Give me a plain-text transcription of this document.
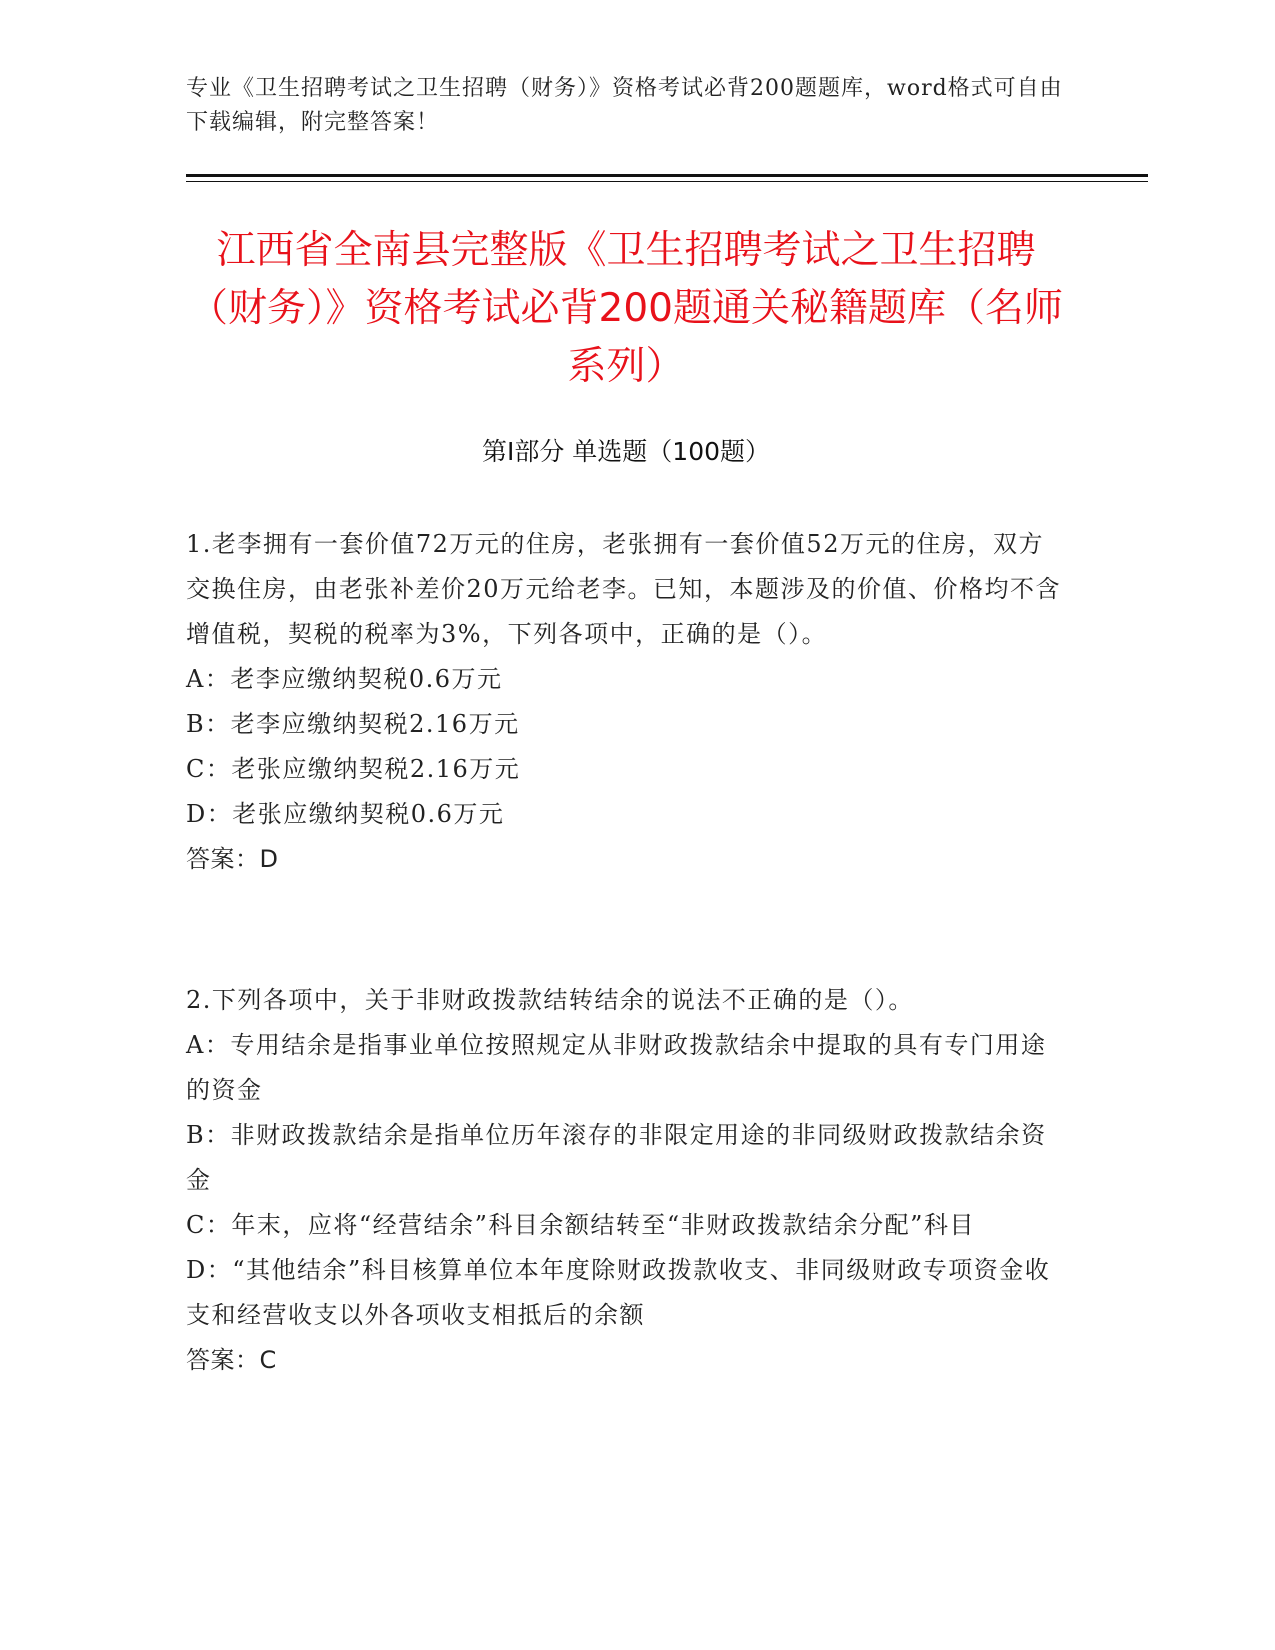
专业《卫生招聘考试之卫生招聘（财务）》资格考试必背200题题库，word格式可自由下载编辑，附完整答案！
江西省全南县完整版《卫生招聘考试之卫生招聘（财务）》资格考试必背200题通关秘籍题库（名师系列）
第I部分 单选题（100题）

1.老李拥有一套价值72万元的住房，老张拥有一套价值52万元的住房，双方交换住房，由老张补差价20万元给老李。已知，本题涉及的价值、价格均不含增值税，契税的税率为3%，下列各项中，正确的是（）。

A：老李应缴纳契税0.6万元

B：老李应缴纳契税2.16万元

C：老张应缴纳契税2.16万元

D：老张应缴纳契税0.6万元

答案：D

2.下列各项中，关于非财政拨款结转结余的说法不正确的是（）。

A：专用结余是指事业单位按照规定从非财政拨款结余中提取的具有专门用途的资金

B：非财政拨款结余是指单位历年滚存的非限定用途的非同级财政拨款结余资金

C：年末，应将“经营结余”科目余额结转至“非财政拨款结余分配”科目

D：“其他结余”科目核算单位本年度除财政拨款收支、非同级财政专项资金收支和经营收支以外各项收支相抵后的余额

答案：C
